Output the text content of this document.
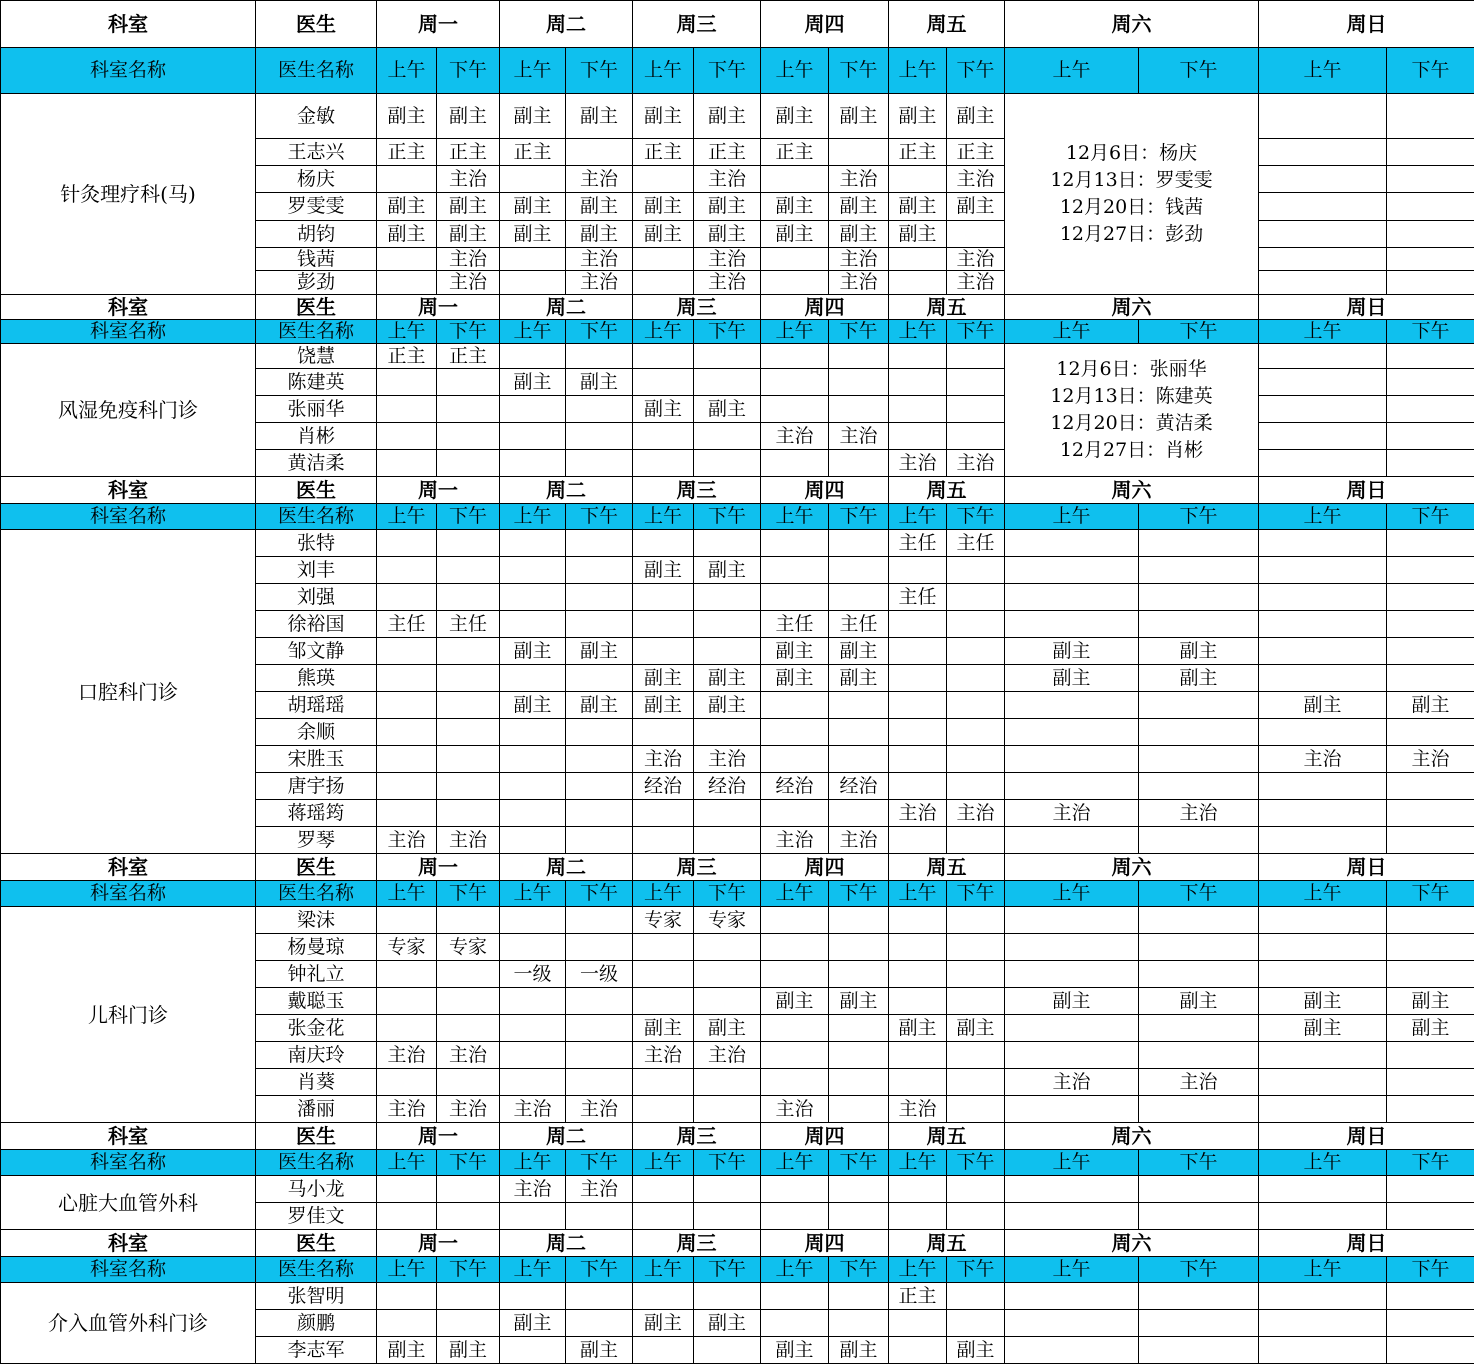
科室	医生	周一		周二		周三		周四		周五		周六		周日	
科室名称	医生名称	上午	下午	上午	下午	上午	下午	上午	下午	上午	下午	上午	下午	上午	下午
针灸理疗科(马)	金敏	副主	副主	副主	副主	副主	副主	副主	副主	副主	副主	12月6日：杨庆
12月13日：罗雯雯
12月20日：钱茜
12月27日：彭劲			

	王志兴	正主	正主	正主		正主	正主	正主		正主	正主				
	杨庆		主治		主治		主治		主治		主治				
	罗雯雯	副主	副主	副主	副主	副主	副主	副主	副主	副主	副主				
	胡钧	副主	副主	副主	副主	副主	副主	副主	副主	副主					
	钱茜		主治		主治		主治		主治		主治				
	彭劲		主治		主治		主治		主治		主治				
科室	医生	周一		周二		周三		周四		周五		周六		周日	
科室名称	医生名称	上午	下午	上午	下午	上午	下午	上午	下午	上午	下午	上午	下午	上午	下午
风湿免疫科门诊	饶慧	正主	正主									12月6日：张丽华
12月13日：陈建英
12月20日：黄洁柔
12月27日：肖彬			

	陈建英			副主	副主										
	张丽华					副主	副主								
	肖彬							主治	主治						
	黄洁柔									主治	主治				
科室	医生	周一		周二		周三		周四		周五		周六		周日	
科室名称	医生名称	上午	下午	上午	下午	上午	下午	上午	下午	上午	下午	上午	下午	上午	下午
口腔科门诊	张特									主任	主任				
	刘丰					副主	副主								
	刘强									主任					
	徐裕国	主任	主任					主任	主任						
	邹文静			副主	副主			副主	副主			副主	副主		
	熊瑛					副主	副主	副主	副主			副主	副主		
	胡瑶瑶			副主	副主	副主	副主							副主	副主
	余顺														
	宋胜玉					主治	主治							主治	主治
	唐宇扬					经治	经治	经治	经治						
	蒋瑶筠									主治	主治	主治	主治		
	罗琴	主治	主治					主治	主治						
科室	医生	周一		周二		周三		周四		周五		周六		周日	
科室名称	医生名称	上午	下午	上午	下午	上午	下午	上午	下午	上午	下午	上午	下午	上午	下午
儿科门诊	梁沫					专家	专家								
	杨曼琼	专家	专家												
	钟礼立			一级	一级										
	戴聪玉							副主	副主			副主	副主	副主	副主
	张金花					副主	副主			副主	副主			副主	副主
	南庆玲	主治	主治			主治	主治								
	肖葵											主治	主治		
	潘丽	主治	主治	主治	主治			主治		主治					
科室	医生	周一		周二		周三		周四		周五		周六		周日	
科室名称	医生名称	上午	下午	上午	下午	上午	下午	上午	下午	上午	下午	上午	下午	上午	下午
心脏大血管外科	马小龙			主治	主治										
	罗佳文														
科室	医生	周一		周二		周三		周四		周五		周六		周日	
科室名称	医生名称	上午	下午	上午	下午	上午	下午	上午	下午	上午	下午	上午	下午	上午	下午
介入血管外科门诊	张智明									正主					
	颜鹏			副主		副主	副主								
	李志军	副主	副主		副主			副主	副主		副主				
